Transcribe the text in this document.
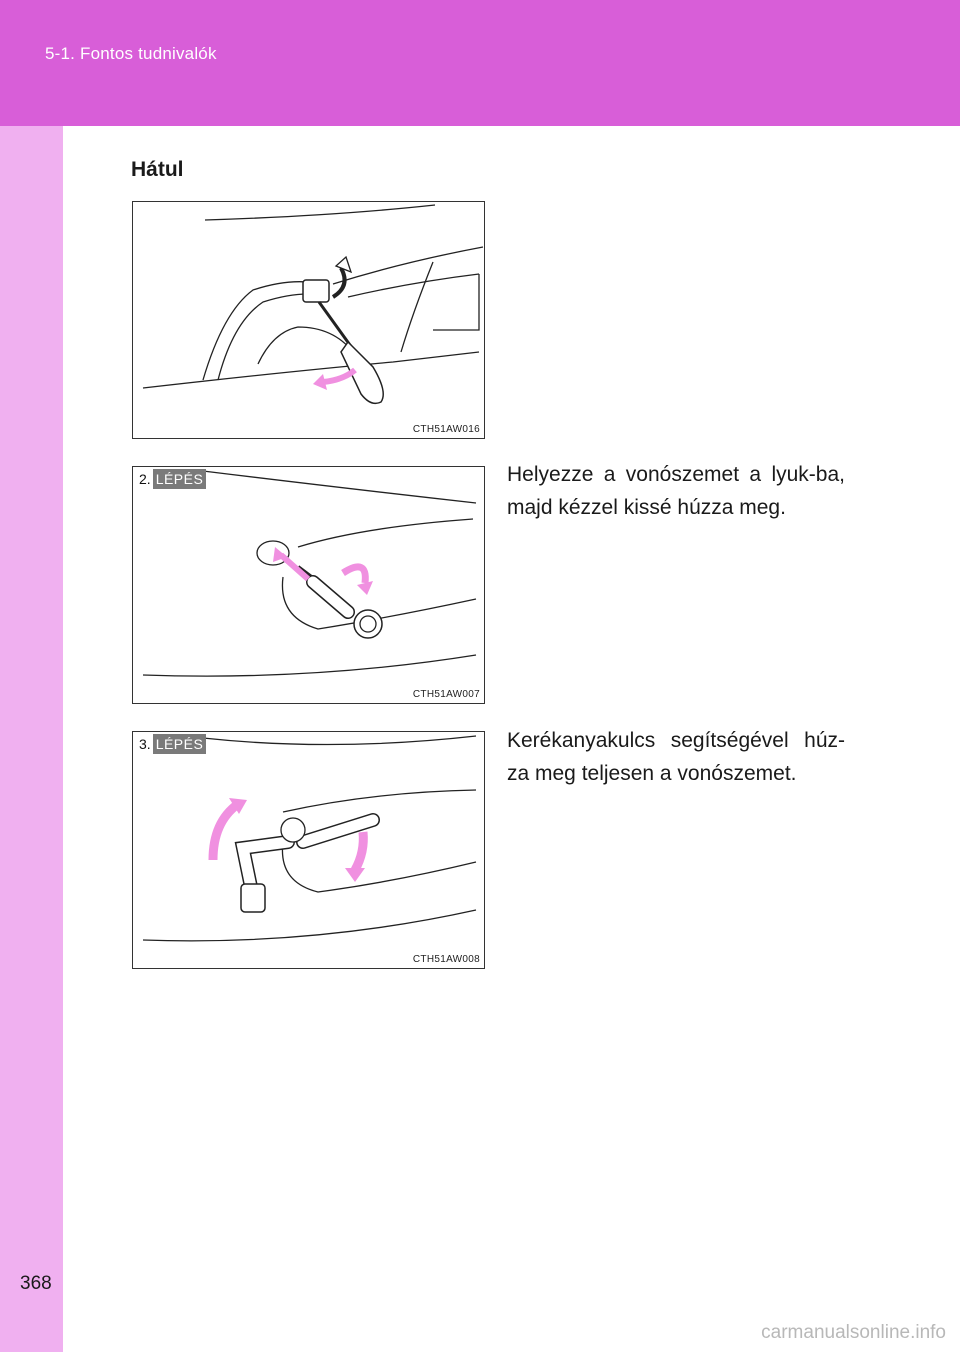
5-1. Fontos tudnivalók
368
carmanualsonline.info
Hátul
CTH51AW016
2. LÉPÉS
CTH51AW007
Helyezze a vonószemet a lyuk-ba, majd kézzel kissé húzza meg.
3. LÉPÉS
CTH51AW008
Kerékanyakulcs segítségével húz-za meg teljesen a vonószemet.
